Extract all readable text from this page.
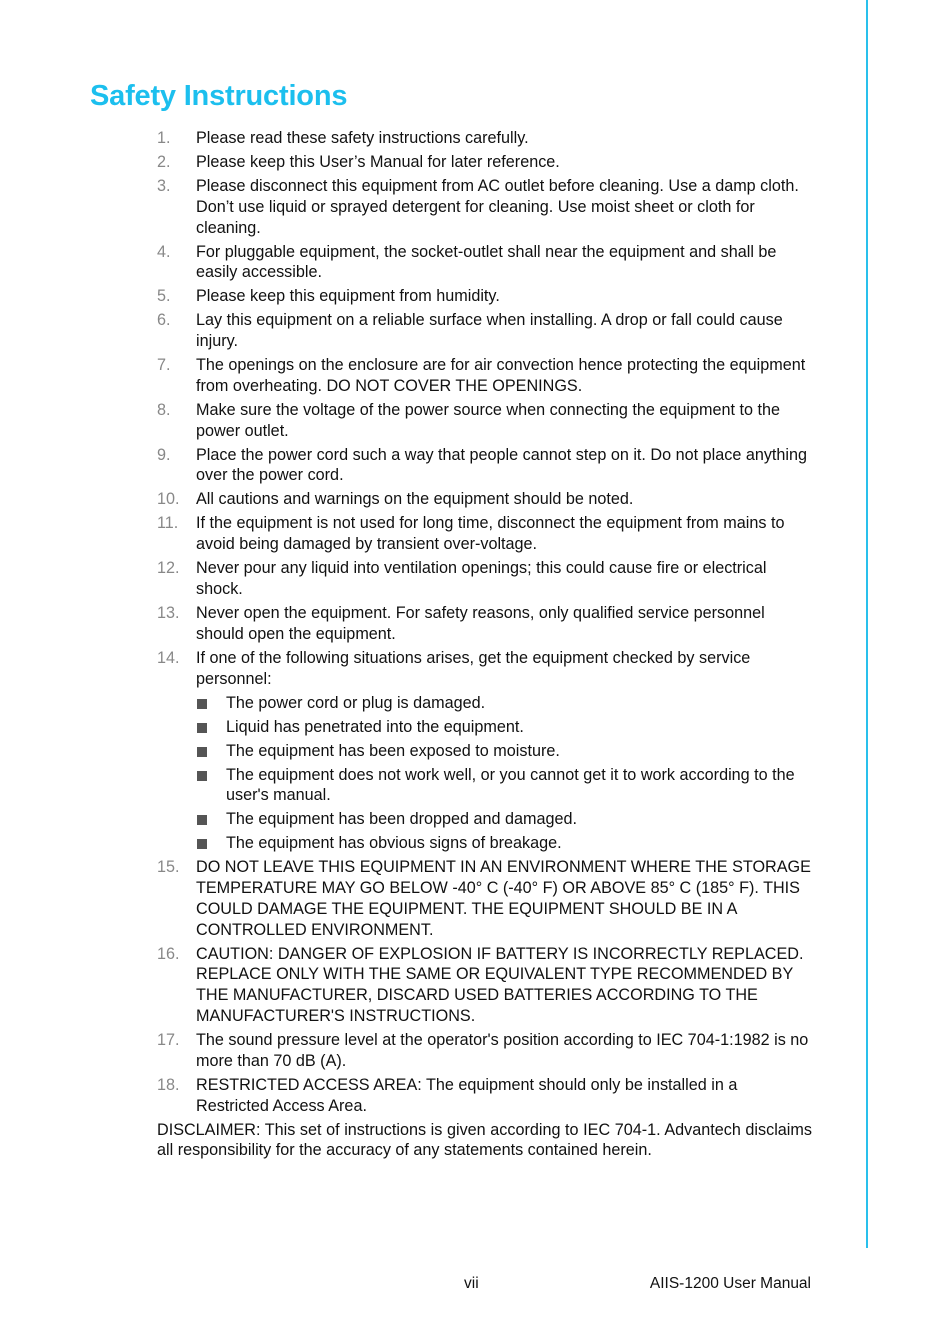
Safety Instructions
1.	Please read these safety instructions carefully.
2.	Please keep this User’s Manual for later reference.
3.	Please disconnect this equipment from AC outlet before cleaning. Use a damp cloth. Don’t use liquid or sprayed detergent for cleaning. Use moist sheet or cloth for cleaning.
4.	For pluggable equipment, the socket-outlet shall near the equipment and shall be easily accessible.
5.	Please keep this equipment from humidity.
6.	Lay this equipment on a reliable surface when installing. A drop or fall could cause injury.
7.	The openings on the enclosure are for air convection hence protecting the equipment from overheating. DO NOT COVER THE OPENINGS.
8.	Make sure the voltage of the power source when connecting the equipment to the power outlet.
9.	Place the power cord such a way that people cannot step on it. Do not place anything over the power cord.
10.	All cautions and warnings on the equipment should be noted.
11.	If the equipment is not used for long time, disconnect the equipment from mains to avoid being damaged by transient over-voltage.
12.	Never pour any liquid into ventilation openings; this could cause fire or electrical shock.
13.	Never open the equipment. For safety reasons, only qualified service personnel should open the equipment.
14.	If one of the following situations arises, get the equipment checked by service personnel:
The power cord or plug is damaged.
Liquid has penetrated into the equipment.
The equipment has been exposed to moisture.
The equipment does not work well, or you cannot get it to work according to the user's manual.
The equipment has been dropped and damaged.
The equipment has obvious signs of breakage.
15.	DO NOT LEAVE THIS EQUIPMENT IN AN ENVIRONMENT WHERE THE STORAGE TEMPERATURE MAY GO BELOW -40° C (-40° F) OR ABOVE 85° C (185° F). THIS COULD DAMAGE THE EQUIPMENT. THE EQUIPMENT SHOULD BE IN A CONTROLLED ENVIRONMENT.
16.	CAUTION: DANGER OF EXPLOSION IF BATTERY IS INCORRECTLY REPLACED. REPLACE ONLY WITH THE SAME OR EQUIVALENT TYPE RECOMMENDED BY THE MANUFACTURER, DISCARD USED BATTERIES ACCORDING TO THE MANUFACTURER'S INSTRUCTIONS.
17.	The sound pressure level at the operator's position according to IEC 704-1:1982 is no more than 70 dB (A).
18.	RESTRICTED ACCESS AREA: The equipment should only be installed in a Restricted Access Area.
DISCLAIMER: This set of instructions is given according to IEC 704-1. Advantech disclaims all responsibility for the accuracy of any statements contained herein.
vii	AIIS-1200 User Manual
